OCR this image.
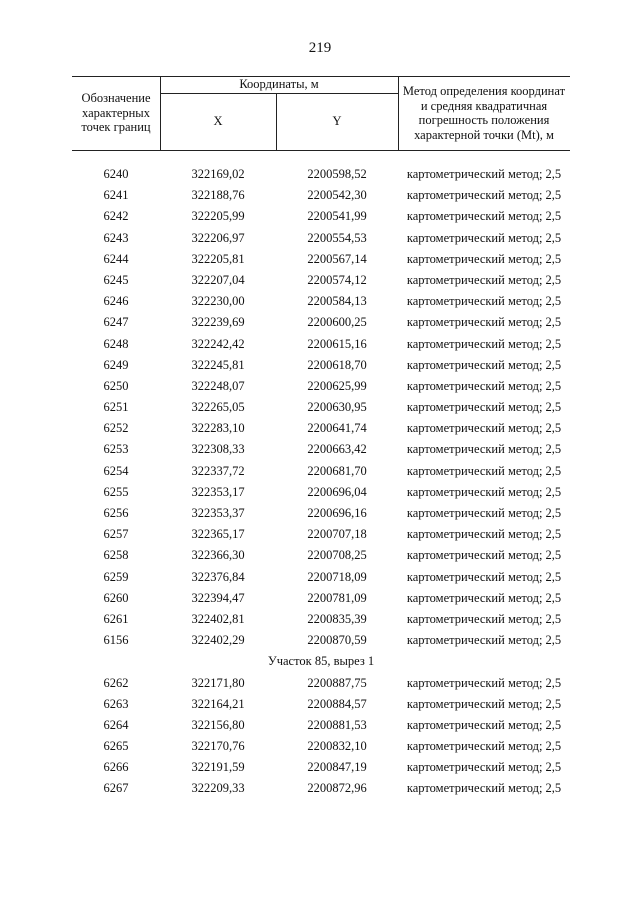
219
Обозначение характерных точек границ
Координаты, м
X	Y
Метод определения координат и средняя квадратичная погрешность положения характерной точки (Mt), м
6240	322169,02	2200598,52	картометрический метод; 2,5
6241	322188,76	2200542,30	картометрический метод; 2,5
6242	322205,99	2200541,99	картометрический метод; 2,5
6243	322206,97	2200554,53	картометрический метод; 2,5
6244	322205,81	2200567,14	картометрический метод; 2,5
6245	322207,04	2200574,12	картометрический метод; 2,5
6246	322230,00	2200584,13	картометрический метод; 2,5
6247	322239,69	2200600,25	картометрический метод; 2,5
6248	322242,42	2200615,16	картометрический метод; 2,5
6249	322245,81	2200618,70	картометрический метод; 2,5
6250	322248,07	2200625,99	картометрический метод; 2,5
6251	322265,05	2200630,95	картометрический метод; 2,5
6252	322283,10	2200641,74	картометрический метод; 2,5
6253	322308,33	2200663,42	картометрический метод; 2,5
6254	322337,72	2200681,70	картометрический метод; 2,5
6255	322353,17	2200696,04	картометрический метод; 2,5
6256	322353,37	2200696,16	картометрический метод; 2,5
6257	322365,17	2200707,18	картометрический метод; 2,5
6258	322366,30	2200708,25	картометрический метод; 2,5
6259	322376,84	2200718,09	картометрический метод; 2,5
6260	322394,47	2200781,09	картометрический метод; 2,5
6261	322402,81	2200835,39	картометрический метод; 2,5
6156	322402,29	2200870,59	картометрический метод; 2,5
Участок 85, вырез 1
6262	322171,80	2200887,75	картометрический метод; 2,5
6263	322164,21	2200884,57	картометрический метод; 2,5
6264	322156,80	2200881,53	картометрический метод; 2,5
6265	322170,76	2200832,10	картометрический метод; 2,5
6266	322191,59	2200847,19	картометрический метод; 2,5
6267	322209,33	2200872,96	картометрический метод; 2,5
